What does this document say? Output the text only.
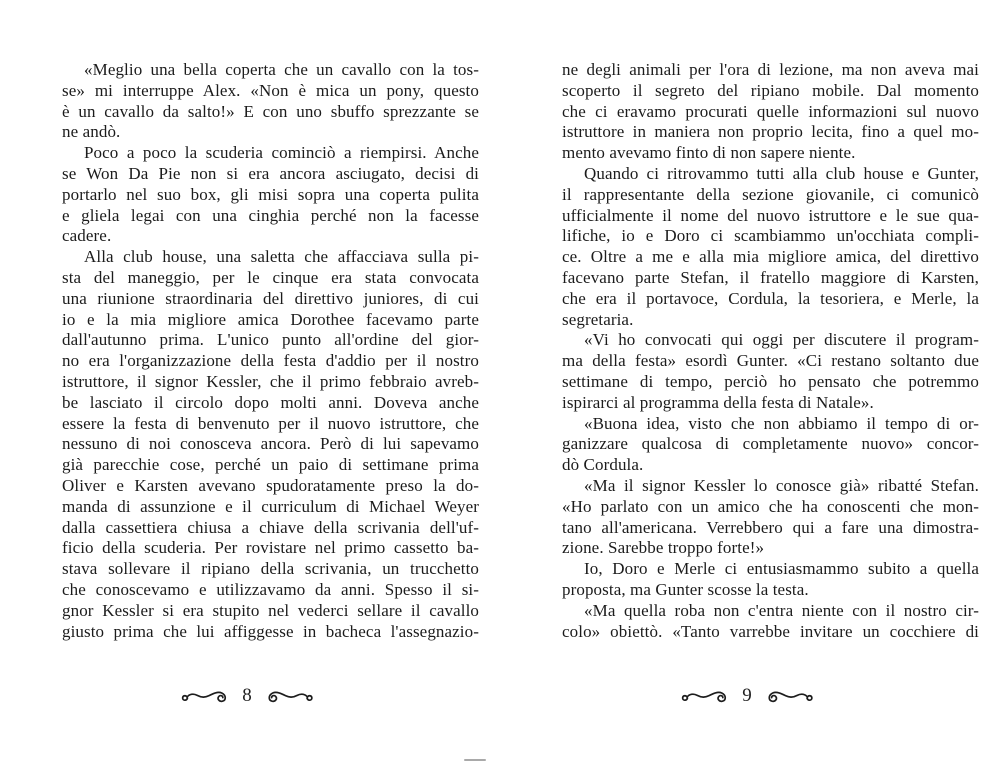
«Meglio una bella coperta che un cavallo con la tos-
se» mi interruppe Alex. «Non è mica un pony, questo
è un cavallo da salto!» E con uno sbuffo sprezzante se
ne andò.
Poco a poco la scuderia cominciò a riempirsi. Anche
se Won Da Pie non si era ancora asciugato, decisi di
portarlo nel suo box, gli misi sopra una coperta pulita
e gliela legai con una cinghia perché non la facesse
cadere.
Alla club house, una saletta che affacciava sulla pi-
sta del maneggio, per le cinque era stata convocata
una riunione straordinaria del direttivo juniores, di cui
io e la mia migliore amica Dorothee facevamo parte
dall'autunno prima. L'unico punto all'ordine del gior-
no era l'organizzazione della festa d'addio per il nostro
istruttore, il signor Kessler, che il primo febbraio avreb-
be lasciato il circolo dopo molti anni. Doveva anche
essere la festa di benvenuto per il nuovo istruttore, che
nessuno di noi conosceva ancora. Però di lui sapevamo
già parecchie cose, perché un paio di settimane prima
Oliver e Karsten avevano spudoratamente preso la do-
manda di assunzione e il curriculum di Michael Weyer
dalla cassettiera chiusa a chiave della scrivania dell'uf-
ficio della scuderia. Per rovistare nel primo cassetto ba-
stava sollevare il ripiano della scrivania, un trucchetto
che conoscevamo e utilizzavamo da anni. Spesso il si-
gnor Kessler si era stupito nel vederci sellare il cavallo
giusto prima che lui affiggesse in bacheca l'assegnazio-
8
ne degli animali per l'ora di lezione, ma non aveva mai
scoperto il segreto del ripiano mobile. Dal momento
che ci eravamo procurati quelle informazioni sul nuovo
istruttore in maniera non proprio lecita, fino a quel mo-
mento avevamo finto di non sapere niente.
Quando ci ritrovammo tutti alla club house e Gunter,
il rappresentante della sezione giovanile, ci comunicò
ufficialmente il nome del nuovo istruttore e le sue qua-
lifiche, io e Doro ci scambiammo un'occhiata compli-
ce. Oltre a me e alla mia migliore amica, del direttivo
facevano parte Stefan, il fratello maggiore di Karsten,
che era il portavoce, Cordula, la tesoriera, e Merle, la
segretaria.
«Vi ho convocati qui oggi per discutere il program-
ma della festa» esordì Gunter. «Ci restano soltanto due
settimane di tempo, perciò ho pensato che potremmo
ispirarci al programma della festa di Natale».
«Buona idea, visto che non abbiamo il tempo di or-
ganizzare qualcosa di completamente nuovo» concor-
dò Cordula.
«Ma il signor Kessler lo conosce già» ribatté Stefan.
«Ho parlato con un amico che ha conoscenti che mon-
tano all'americana. Verrebbero qui a fare una dimostra-
zione. Sarebbe troppo forte!»
Io, Doro e Merle ci entusiasmammo subito a quella
proposta, ma Gunter scosse la testa.
«Ma quella roba non c'entra niente con il nostro cir-
colo» obiettò. «Tanto varrebbe invitare un cocchiere di
9
